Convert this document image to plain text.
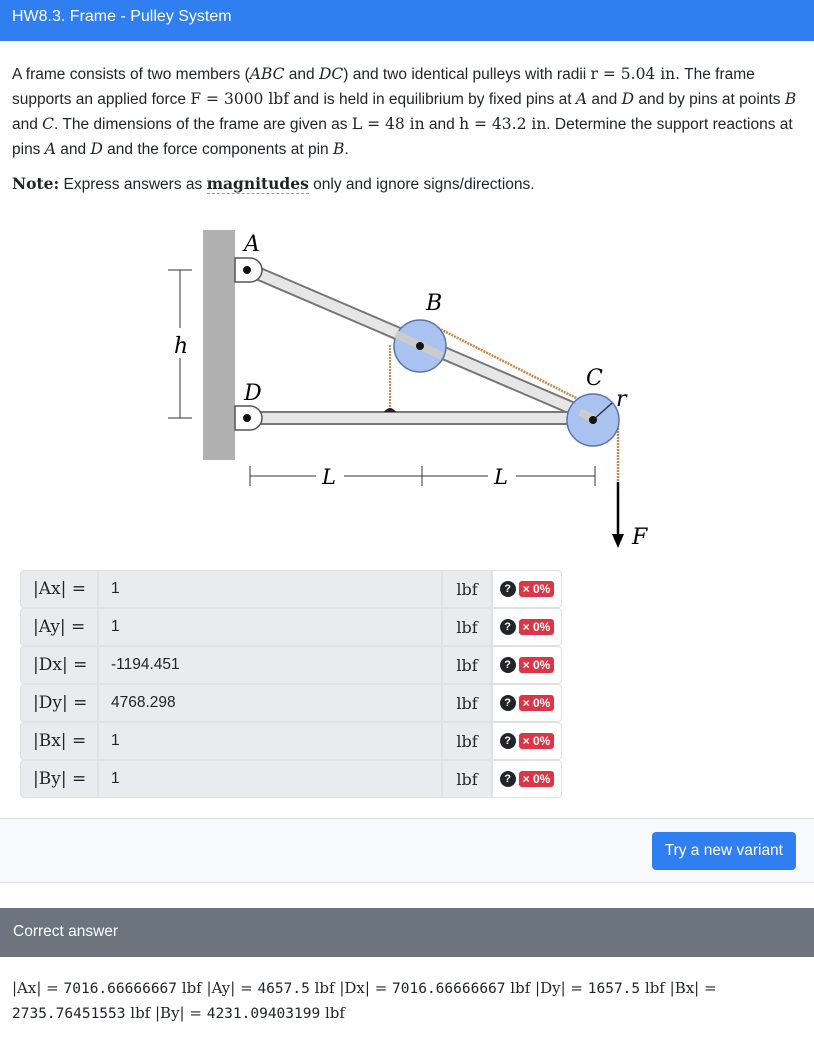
HW8.3. Frame - Pulley System

A frame consists of two members (ABC and DC) and two identical pulleys with radii r = 5.04 in. The frame supports an applied force F = 3000 lbf and is held in equilibrium by fixed pins at A and D and by pins at points B and C. The dimensions of the frame are given as L = 48 in and h = 43.2 in. Determine the support reactions at pins A and D and the force components at pin B.

Note: Express answers as magnitudes only and ignore signs/directions.
h
L	L
A
B
C
D	r
F
|Ax| =	1	lbf	? × 0%
|Ay| =	1	lbf	? × 0%
|Dx| =	-1194.451	lbf	? × 0%
|Dy| =	4768.298	lbf	? × 0%
|Bx| =	1	lbf	? × 0%
|By| =	1	lbf	? × 0%
Try a new variant
Correct answer
|Ax| = 7016.66666667 lbf |Ay| = 4657.5 lbf |Dx| = 7016.66666667 lbf |Dy| = 1657.5 lbf |Bx| = 2735.76451553 lbf |By| = 4231.09403199 lbf
